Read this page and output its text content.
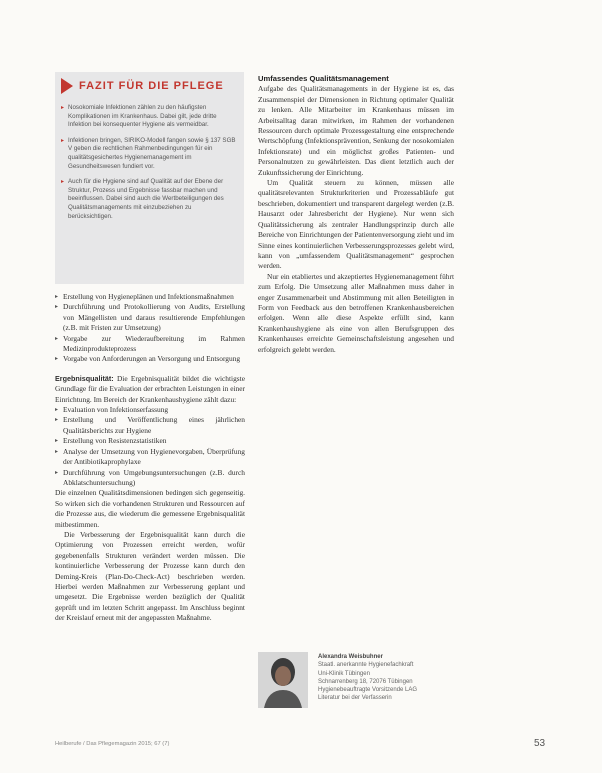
FAZIT FÜR DIE PFLEGE
▸ Nosokomiale Infektionen zählen zu den häufigsten Komplikationen im Krankenhaus. Dabei gilt, jede dritte Infektion bei konsequenter Hygiene als vermeidbar.
▸ Infektionen bringen, SIRIKO-Modell fangen sowie § 137 SGB V geben die rechtlichen Rahmenbedingungen für ein qualitätsgesichertes Hygienemanagement im Gesundheitswesen fundiert vor.
▸ Auch für die Hygiene sind auf Qualität auf der Ebene der Struktur, Prozess und Ergebnisse fassbar machen und beeinflussen. Dabei sind auch die Wertbeteiligungen des Qualitätsmanagements mit einzubeziehen zu berücksichtigen.
▸ Erstellung von Hygieneplänen und Infektionsmaßnahmen
▸ Durchführung und Protokollierung von Audits, Erstellung von Mängellisten und daraus resultierende Empfehlungen (z.B. mit Fristen zur Umsetzung)
▸ Vorgabe zur Wiederaufbereitung im Rahmen Medizinprodukteprozess
▸ Vorgabe von Anforderungen an Versorgung und Entsorgung

Ergebnisqualität: Die Ergebnisqualität bildet die wichtigste Grundlage für die Evaluation der erbrachten Leistungen in einer Einrichtung. Im Bereich der Krankenhaushygiene zählt dazu:

▸ Evaluation von Infektionserfassung
▸ Erstellung und Veröffentlichung eines jährlichen Qualitätsberichts zur Hygiene
▸ Erstellung von Resistenzstatistiken
▸ Analyse der Umsetzung von Hygienevorgaben, Überprüfung der Antibiotikaprophylaxe
▸ Durchführung von Umgebungsuntersuchungen (z.B. durch Abklatschuntersuchung)

Die einzelnen Qualitätsdimensionen bedingen sich gegenseitig. So wirken sich die vorhandenen Strukturen und Ressourcen auf die Prozesse aus, die wiederum die gemessene Ergebnisqualität mitbestimmen.

Die Verbesserung der Ergebnisqualität kann durch die Optimierung von Prozessen erreicht werden, wofür gegebenenfalls Strukturen verändert werden müssen. Die kontinuierliche Verbesserung der Prozesse kann durch den Deming-Kreis (Plan-Do-Check-Act) beschrieben werden. Hierbei werden Maßnahmen zur Verbesserung geplant und umgesetzt. Die Ergebnisse werden bezüglich der Qualität geprüft und im letzten Schritt angepasst. Im Anschluss beginnt der Kreislauf erneut mit der angepassten Maßnahme.

Umfassendes Qualitätsmanagement

Aufgabe des Qualitätsmanagements in der Hygiene ist es, das Zusammenspiel der Dimensionen in Richtung optimaler Qualität zu lenken. Alle Mitarbeiter im Krankenhaus müssen im Arbeitsalltag daran mitwirken, im Rahmen der vorhandenen Ressourcen durch optimale Prozessgestaltung eine entsprechende Wertschöpfung (Infektionsprävention, Senkung der nosokomialen Infektionsrate) und ein möglichst großes Patienten- und Personalnutzen zu gewährleisten. Das dient letztlich auch der Zukunftssicherung der Einrichtung.

Um Qualität steuern zu können, müssen alle qualitätsrelevanten Strukturkriterien und Prozessabläufe gut beschrieben, dokumentiert und transparent dargelegt werden (z.B. Hausarzt oder Jahresbericht der Hygiene). Nur wenn sich Qualitätssicherung als zentraler Handlungsprinzip durch alle Bereiche von Einrichtungen der Patientenversorgung zieht und im Sinne eines kontinuierlichen Verbesserungsprozesses gelebt wird, kann von „umfassendem Qualitätsmanagement“ gesprochen werden.

Nur ein etabliertes und akzeptiertes Hygienemanagement führt zum Erfolg. Die Umsetzung aller Maßnahmen muss daher in enger Zusammenarbeit und Abstimmung mit allen Beteiligten in Form von Feedback aus den betroffenen Krankenhausbereichen erfolgen. Wenn alle diese Aspekte erfüllt sind, kann Krankenhaushygiene als eine von allen Berufsgruppen des Krankenhauses erreichte Gemeinschaftsleistung angesehen und erfolgreich gelebt werden.

Alexandra Weisbuhner
Staatl. anerkannte Hygienefachkraft
Uni-Klinik Tübingen
Schnarrenberg 18, 72076 Tübingen
Hygienebeauftragte Vorsitzende LAG
Literatur bei der Verfasserin
Heilberufe / Das Pflegemagazin 2015; 67 (7)	53
